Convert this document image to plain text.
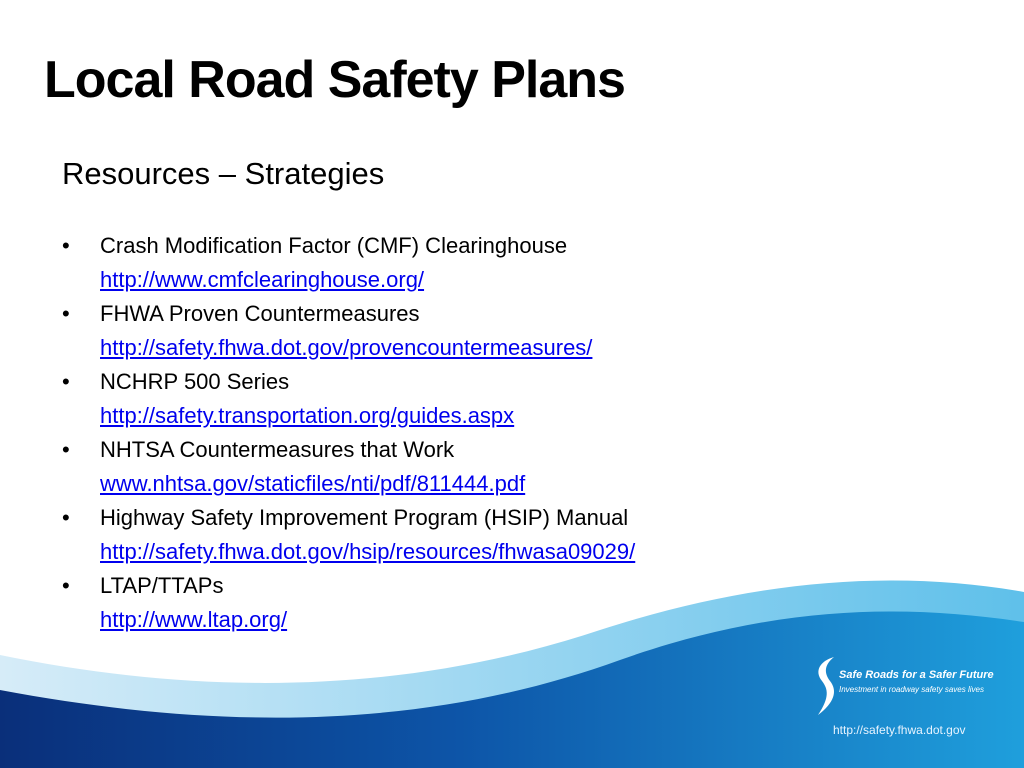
Local Road Safety Plans
Resources – Strategies
• Crash Modification Factor (CMF) Clearinghouse
http://www.cmfclearinghouse.org/
• FHWA Proven Countermeasures
http://safety.fhwa.dot.gov/provencountermeasures/
• NCHRP 500 Series
http://safety.transportation.org/guides.aspx
• NHTSA Countermeasures that Work
www.nhtsa.gov/staticfiles/nti/pdf/811444.pdf
• Highway Safety Improvement Program (HSIP) Manual
http://safety.fhwa.dot.gov/hsip/resources/fhwasa09029/
• LTAP/TTAPs
http://www.ltap.org/
Safe Roads for a Safer Future
Investment in roadway safety saves lives
http://safety.fhwa.dot.gov
